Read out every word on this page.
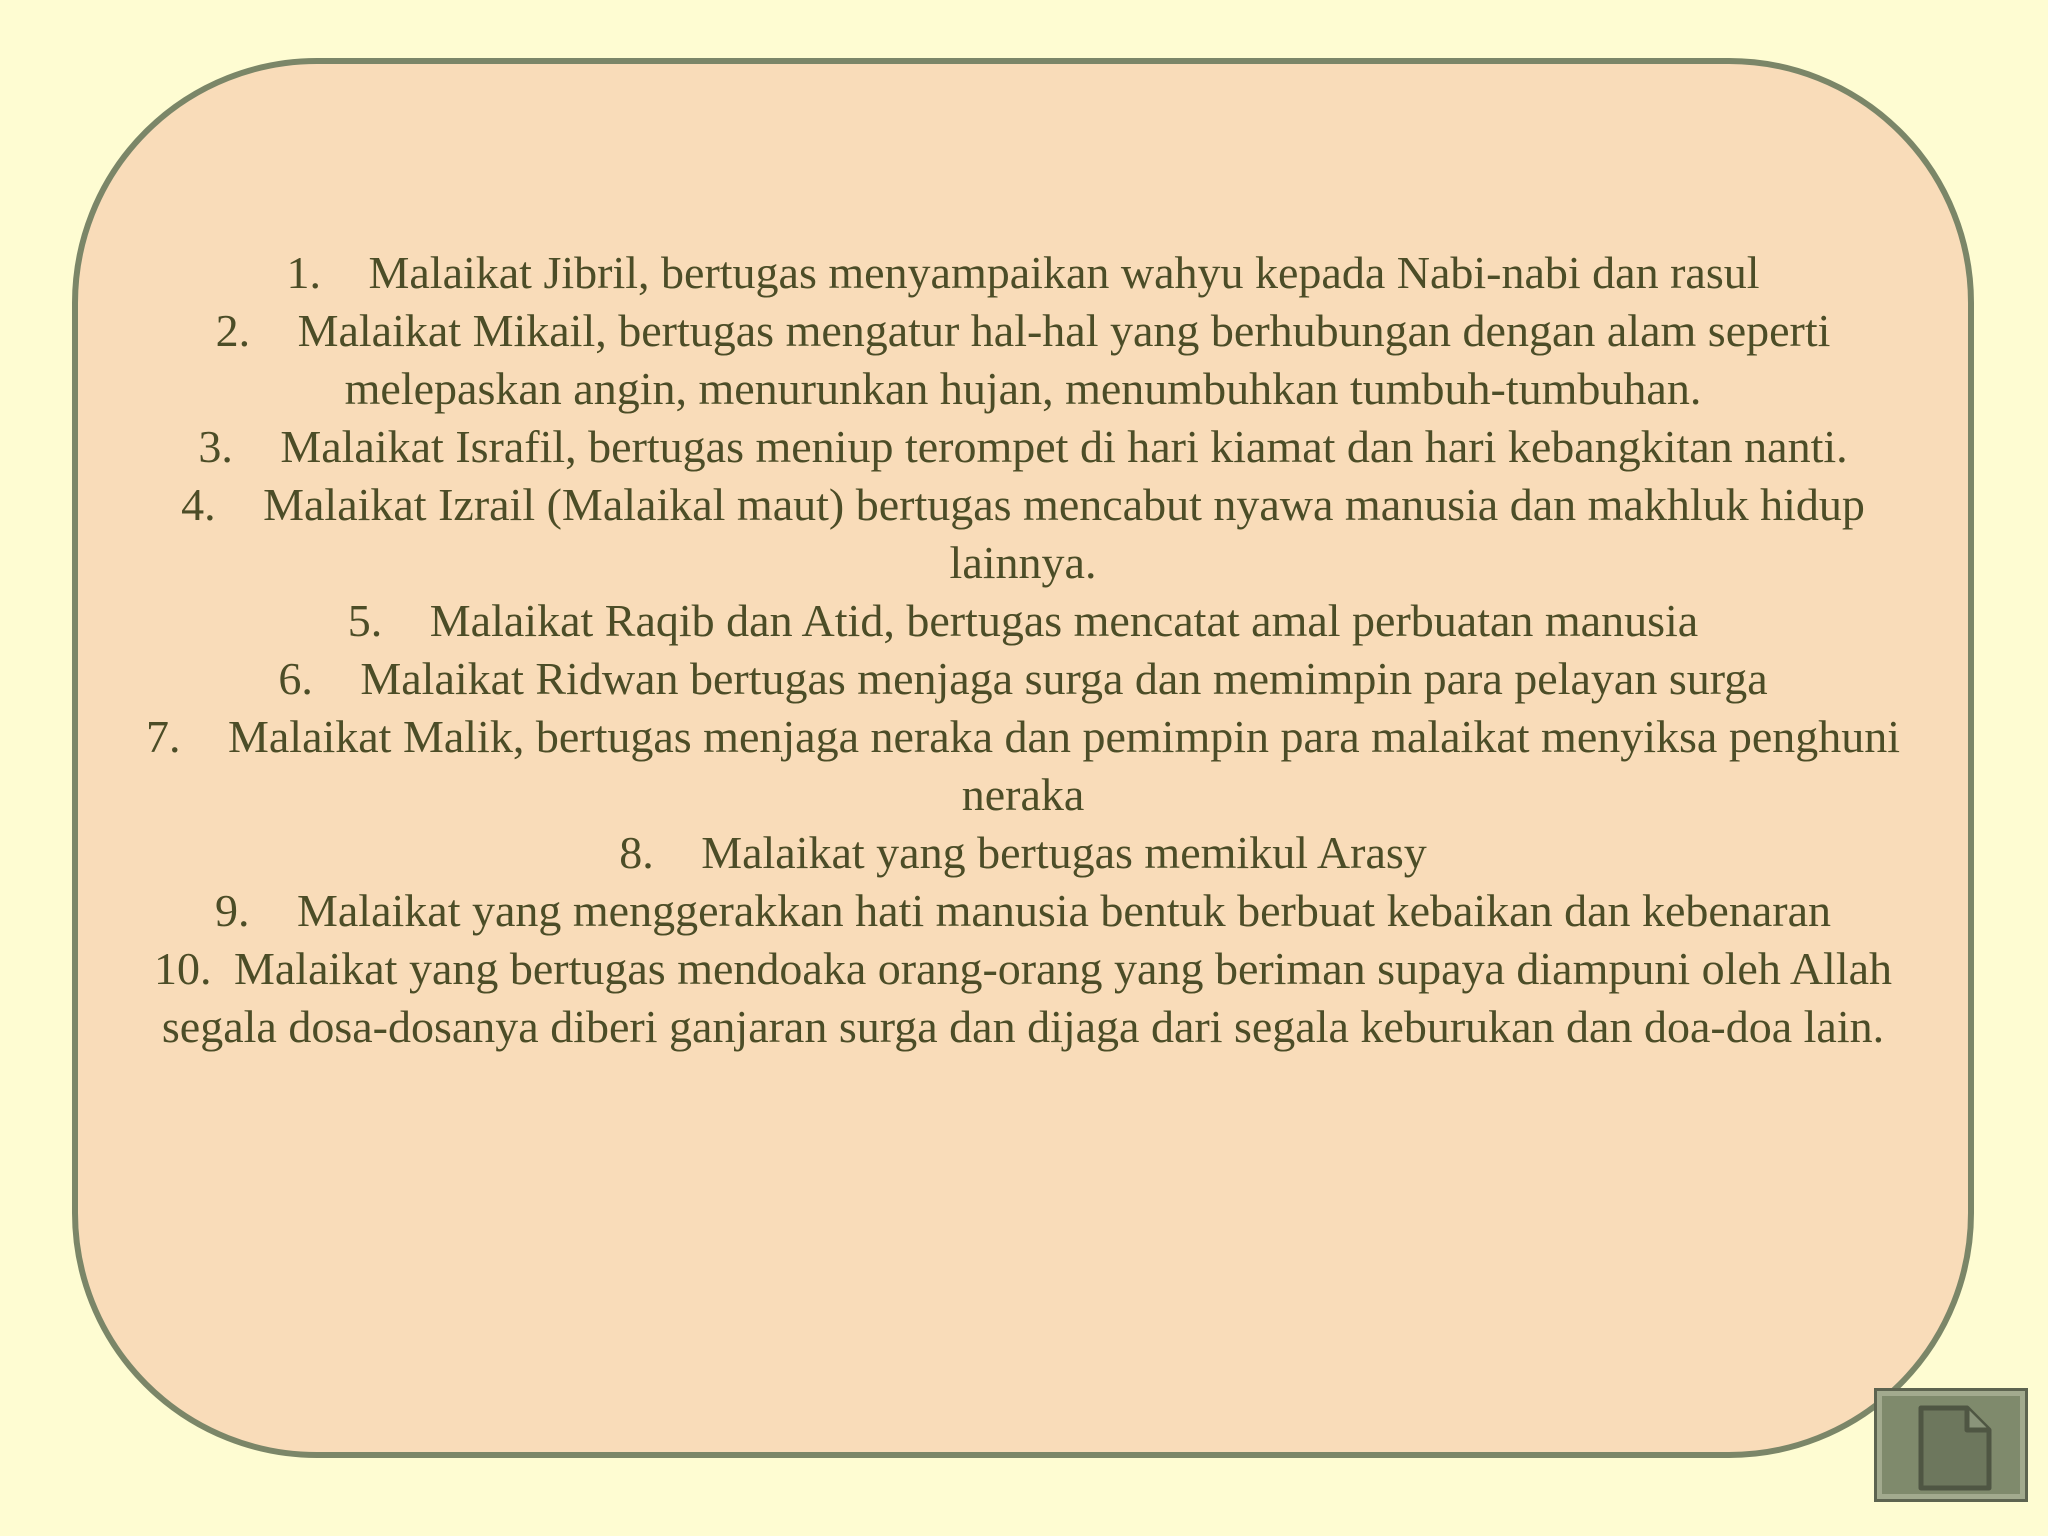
1. Malaikat Jibril, bertugas menyampaikan wahyu kepada Nabi-nabi dan rasul
2. Malaikat Mikail, bertugas mengatur hal-hal yang berhubungan dengan alam seperti melepaskan angin, menurunkan hujan, menumbuhkan tumbuh-tumbuhan.
3. Malaikat Israfil, bertugas meniup terompet di hari kiamat dan hari kebangkitan nanti.
4. Malaikat Izrail (Malaikal maut) bertugas mencabut nyawa manusia dan makhluk hidup lainnya.
5. Malaikat Raqib dan Atid, bertugas mencatat amal perbuatan manusia
6. Malaikat Ridwan bertugas menjaga surga dan memimpin para pelayan surga
7. Malaikat Malik, bertugas menjaga neraka dan pemimpin para malaikat menyiksa penghuni neraka
8. Malaikat yang bertugas memikul Arasy
9. Malaikat yang menggerakkan hati manusia bentuk berbuat kebaikan dan kebenaran
10. Malaikat yang bertugas mendoaka orang-orang yang beriman supaya diampuni oleh Allah segala dosa-dosanya diberi ganjaran surga dan dijaga dari segala keburukan dan doa-doa lain.
